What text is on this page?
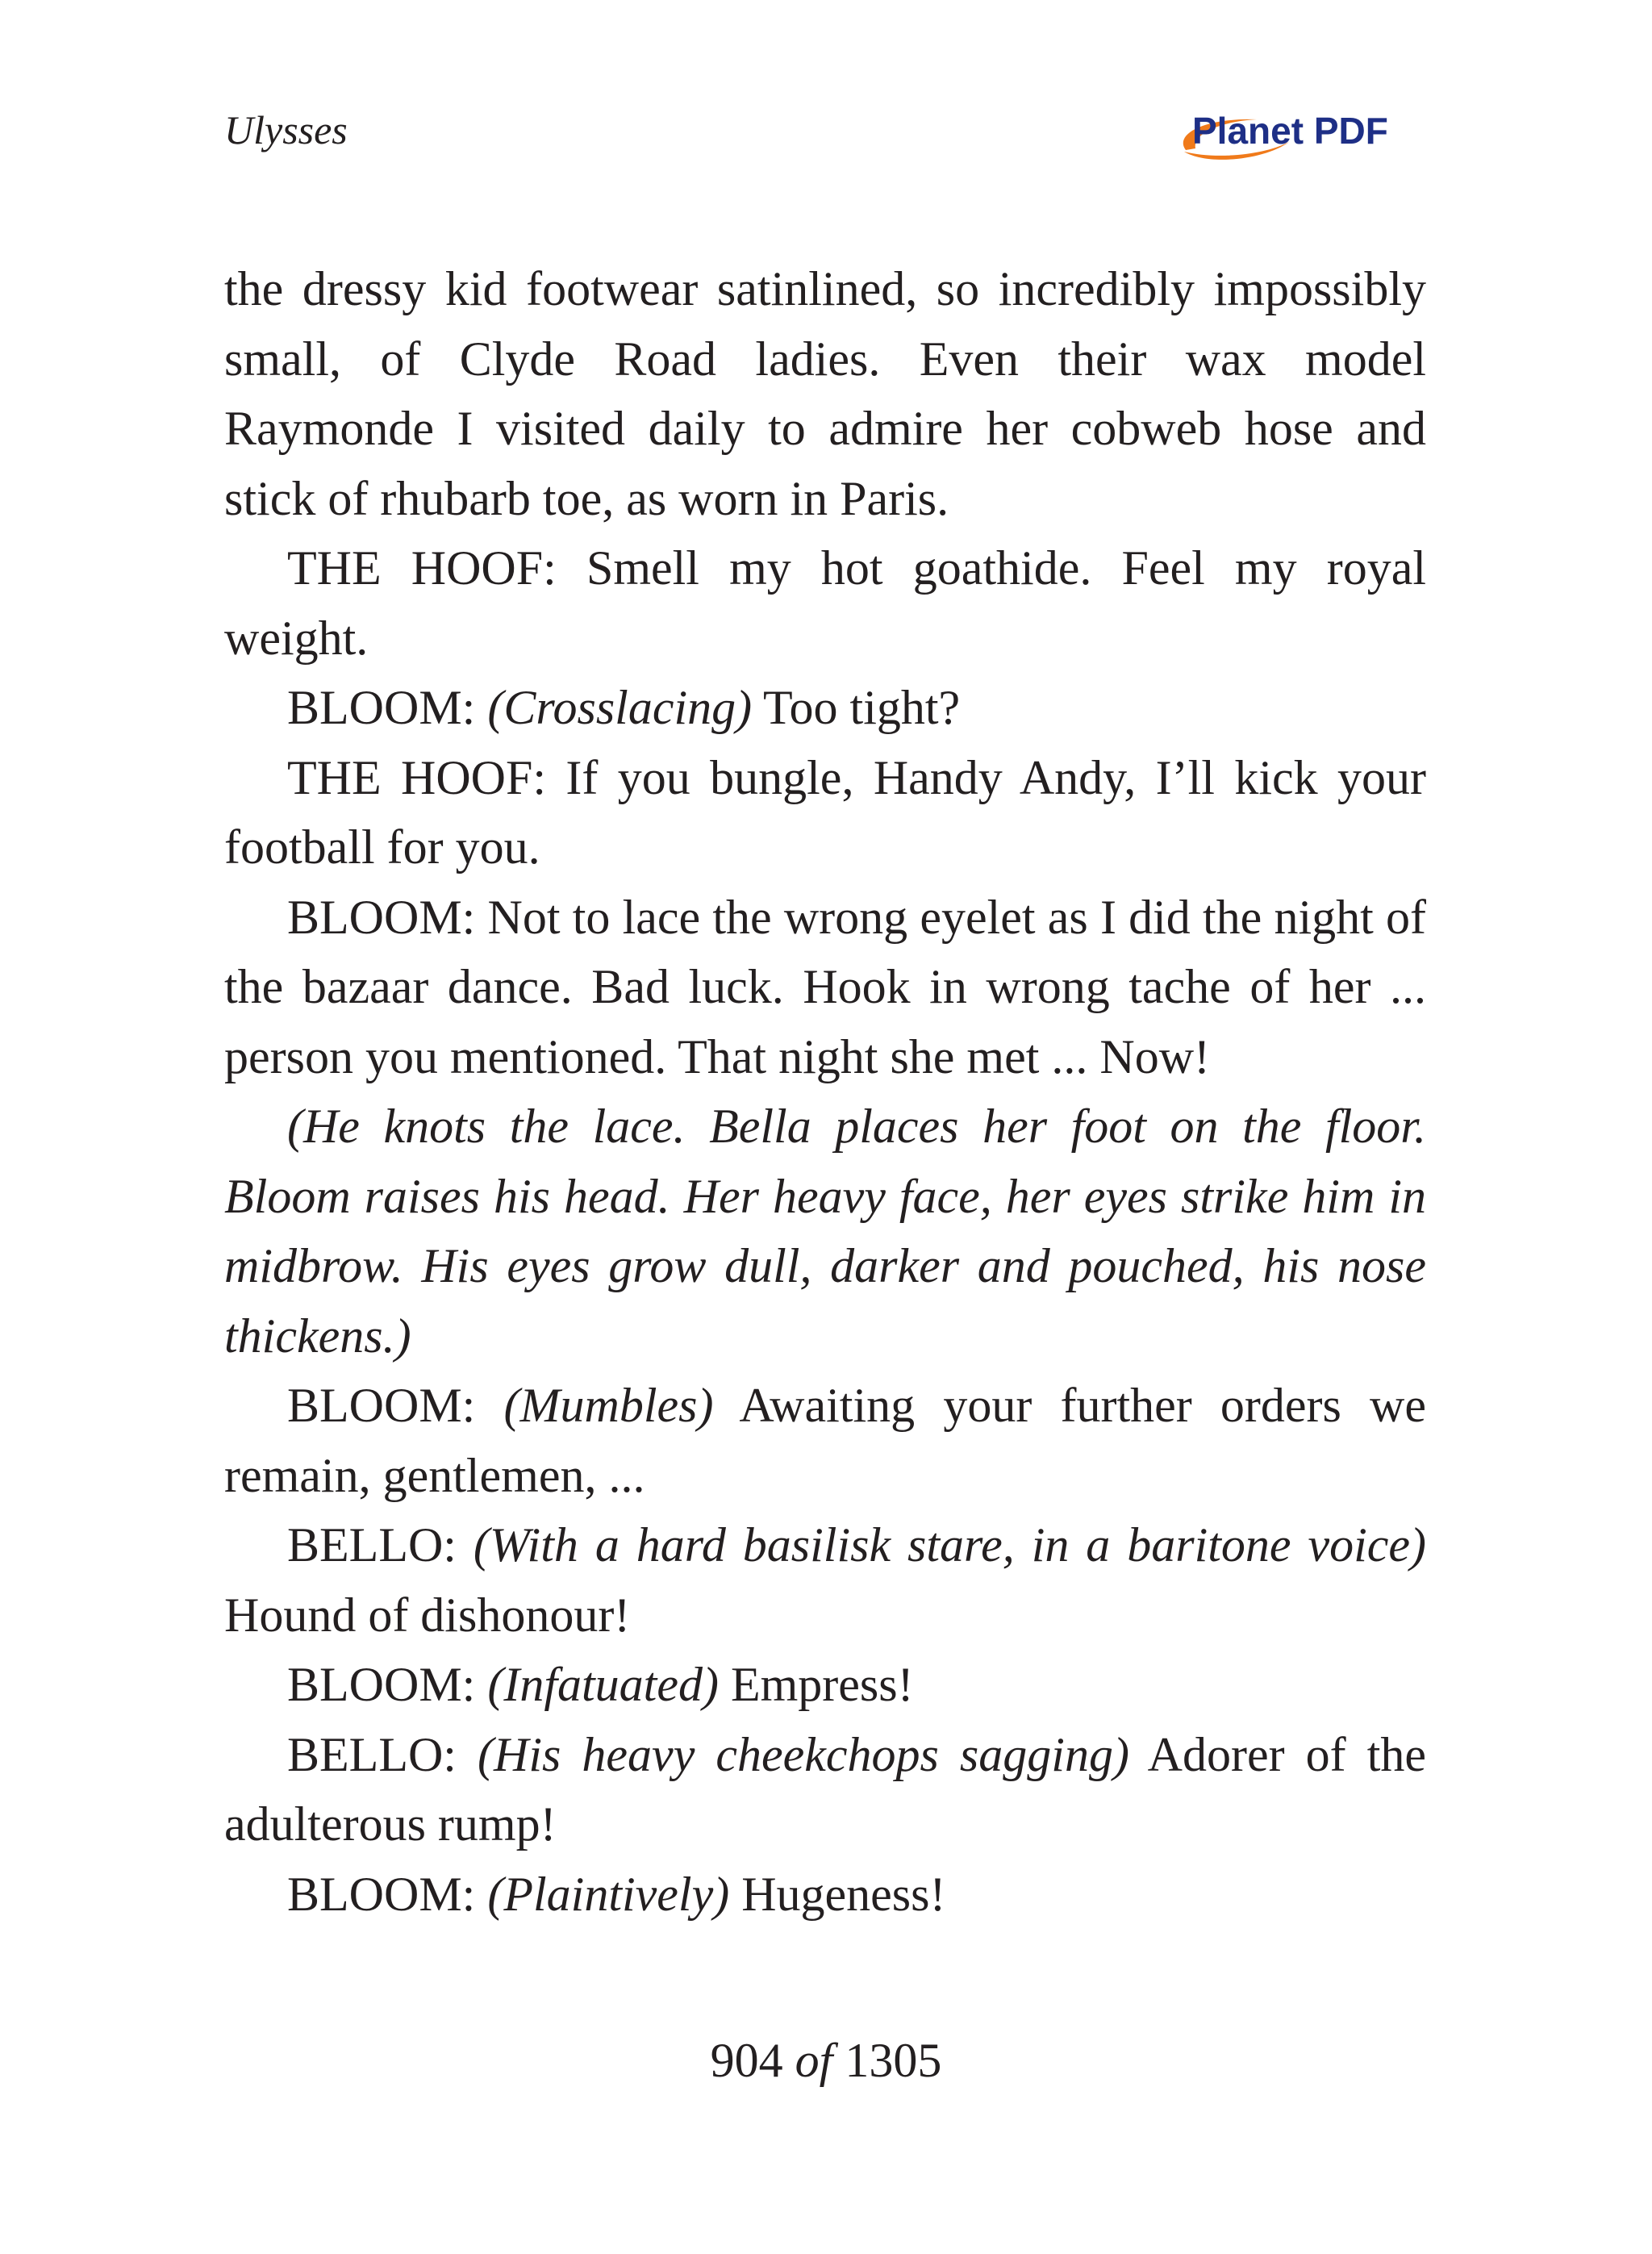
Ulysses	Planet PDF

the dressy kid footwear satinlined, so incredibly impossibly small, of Clyde Road ladies. Even their wax model Raymonde I visited daily to admire her cobweb hose and stick of rhubarb toe, as worn in Paris.

THE HOOF: Smell my hot goathide. Feel my royal weight.

BLOOM: (Crosslacing) Too tight?

THE HOOF: If you bungle, Handy Andy, I’ll kick your football for you.

BLOOM: Not to lace the wrong eyelet as I did the night of the bazaar dance. Bad luck. Hook in wrong tache of her ... person you mentioned. That night she met ... Now!

(He knots the lace. Bella places her foot on the floor. Bloom raises his head. Her heavy face, her eyes strike him in midbrow. His eyes grow dull, darker and pouched, his nose thickens.)

BLOOM: (Mumbles) Awaiting your further orders we remain, gentlemen, ...

BELLO: (With a hard basilisk stare, in a baritone voice) Hound of dishonour!

BLOOM: (Infatuated) Empress!

BELLO: (His heavy cheekchops sagging) Adorer of the adulterous rump!

BLOOM: (Plaintively) Hugeness!

904 of 1305
